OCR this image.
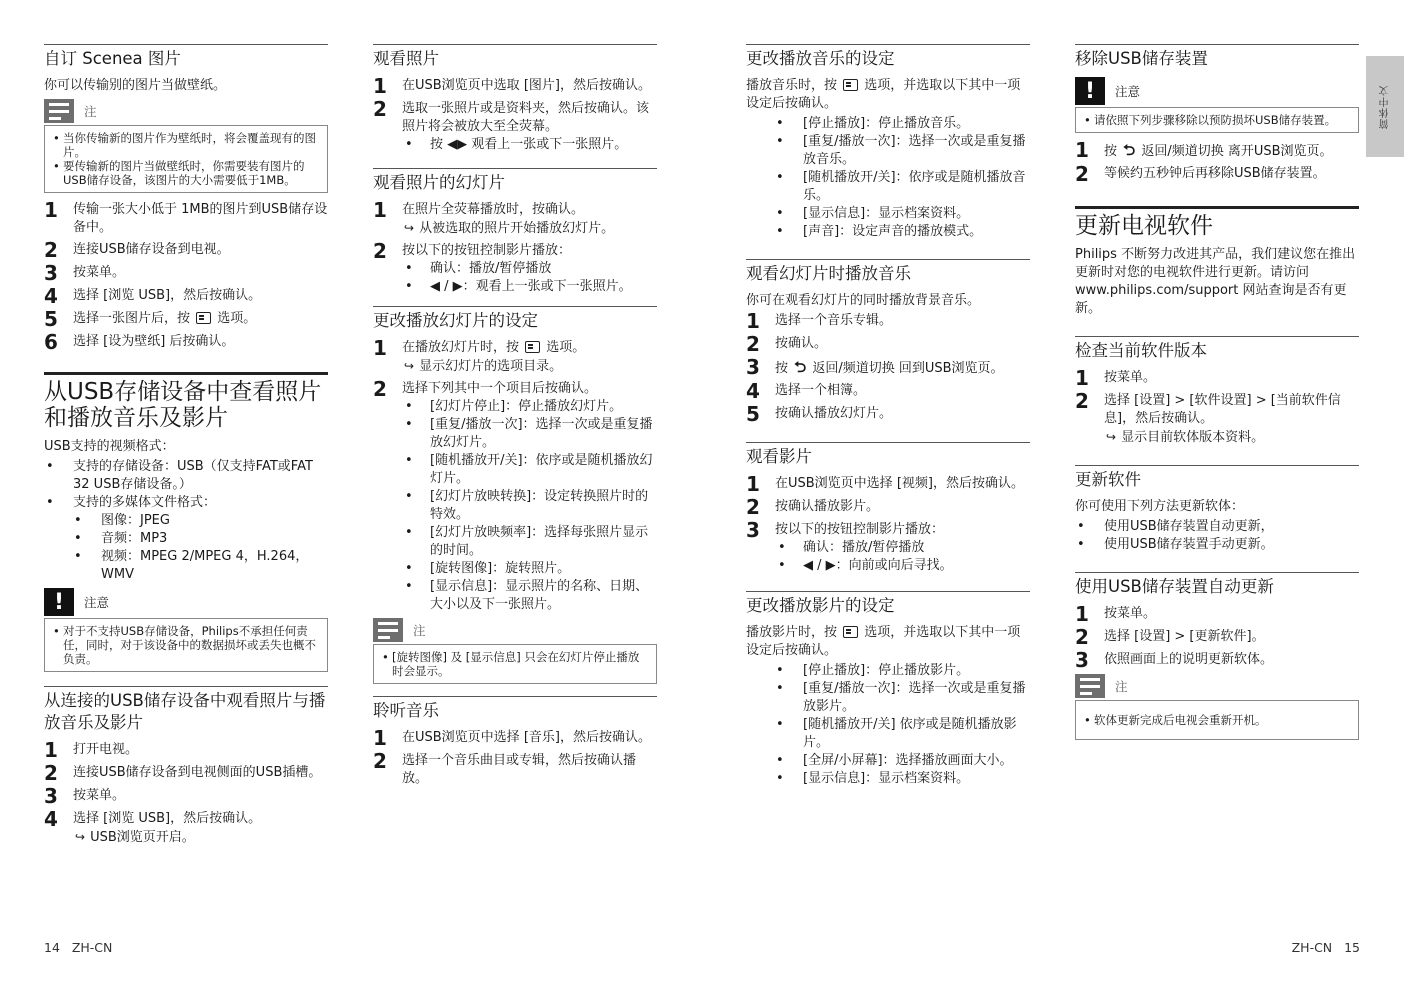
自订 Scenea 图片
你可以传输别的图片当做壁纸。
注
• 当你传输新的图片作为壁纸时，将会覆盖现有的图片。
• 要传输新的图片当做壁纸时，你需要装有图片的USB储存设备，该图片的大小需要低于1MB。
1	传输一张大小低于 1MB的图片到USB储存设备中。
2	连接USB储存设备到电视。
3	按菜单。
4	选择 [浏览 USB]，然后按确认。
5	选择一张图片后，按 选项。
6	选择 [设为壁纸] 后按确认。
从USB存储设备中查看照片和播放音乐及影片
USB支持的视频格式：
• 支持的存储设备：USB（仅支持FAT或FAT 32 USB存储设备。）
• 支持的多媒体文件格式：
• 图像：JPEG
• 音频：MP3
• 视频：MPEG 2/MPEG 4，H.264，WMV
!	注意
• 对于不支持USB存储设备，Philips不承担任何责任，同时，对于该设备中的数据损坏或丢失也概不负责。
从连接的USB储存设备中观看照片与播放音乐及影片
1	打开电视。
2	连接USB储存设备到电视侧面的USB插槽。
3	按菜单。
4	选择 [浏览 USB]，然后按确认。
↪ USB浏览页开启。
观看照片
1	在USB浏览页中选取 [图片]，然后按确认。
2	选取一张照片或是资料夹，然后按确认。该照片将会被放大至全荧幕。
• 按 ◀▶ 观看上一张或下一张照片。
观看照片的幻灯片
1	在照片全荧幕播放时，按确认。
↪ 从被选取的照片开始播放幻灯片。
2	按以下的按钮控制影片播放：
• 确认：播放/暂停播放
• ◀ / ▶：观看上一张或下一张照片。
更改播放幻灯片的设定
1	在播放幻灯片时，按 选项。
↪ 显示幻灯片的选项目录。
2	选择下列其中一个项目后按确认。
• [幻灯片停止]：停止播放幻灯片。
• [重复/播放一次]：选择一次或是重复播放幻灯片。
• [随机播放开/关]：依序或是随机播放幻灯片。
• [幻灯片放映转换]：设定转换照片时的特效。
• [幻灯片放映频率]：选择每张照片显示的时间。
• [旋转图像]：旋转照片。
• [显示信息]：显示照片的名称、日期、大小以及下一张照片。
注
• [旋转图像] 及 [显示信息] 只会在幻灯片停止播放时会显示。
聆听音乐
1	在USB浏览页中选择 [音乐]，然后按确认。
2	选择一个音乐曲目或专辑，然后按确认播放。
更改播放音乐的设定
播放音乐时，按 选项，并选取以下其中一项设定后按确认。
• [停止播放]：停止播放音乐。
• [重复/播放一次]：选择一次或是重复播放音乐。
• [随机播放开/关]：依序或是随机播放音乐。
• [显示信息]：显示档案资料。
• [声音]：设定声音的播放模式。
观看幻灯片时播放音乐
你可在观看幻灯片的同时播放背景音乐。
1	选择一个音乐专辑。
2	按确认。
3	按 ⮌ 返回/频道切换 回到USB浏览页。
4	选择一个相簿。
5	按确认播放幻灯片。
观看影片
1	在USB浏览页中选择 [视频]，然后按确认。
2	按确认播放影片。
3	按以下的按钮控制影片播放：
• 确认：播放/暂停播放
• ◀ / ▶：向前或向后寻找。
更改播放影片的设定
播放影片时，按 选项，并选取以下其中一项设定后按确认。
• [停止播放]：停止播放影片。
• [重复/播放一次]：选择一次或是重复播放影片。
• [随机播放开/关] 依序或是随机播放影片。
• [全屏/小屏幕]：选择播放画面大小。
• [显示信息]：显示档案资料。
移除USB储存装置
!	注意
• 请依照下列步骤移除以预防损坏USB储存装置。
1	按 ⮌ 返回/频道切换 离开USB浏览页。
2	等候约五秒钟后再移除USB储存装置。
更新电视软件
Philips 不断努力改进其产品，我们建议您在推出更新时对您的电视软件进行更新。请访问 www.philips.com/support 网站查询是否有更新。
检查当前软件版本
1	按菜单。
2	选择 [设置] > [软件设置] > [当前软件信息]，然后按确认。
↪ 显示目前软体版本资料。
更新软件
你可使用下列方法更新软体：
• 使用USB储存装置自动更新，
• 使用USB储存装置手动更新。
使用USB储存装置自动更新
1	按菜单。
2	选择 [设置] > [更新软件]。
3	依照画面上的说明更新软体。
注
• 软体更新完成后电视会重新开机。
简体中文
14 ZH-CN	ZH-CN 15
